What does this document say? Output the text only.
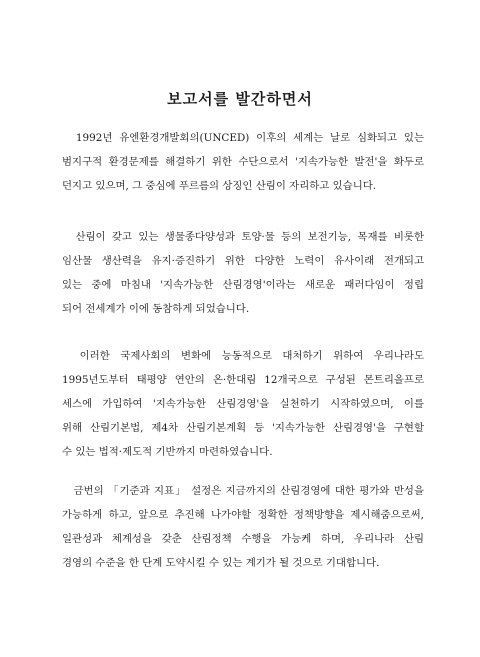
보고서를 발간하면서
　1992년 유엔환경개발회의(UNCED) 이후의 세계는 날로 심화되고 있는
범지구적 환경문제를 해결하기 위한 수단으로서 '지속가능한 발전'을 화두로
던지고 있으며, 그 중심에 푸르름의 상징인 산림이 자리하고 있습니다.
　산림이 갖고 있는 생물종다양성과 토양·물 등의 보전기능, 목재를 비롯한
임산물 생산력을 유지·증진하기 위한 다양한 노력이 유사이래 전개되고
있는 중에 마침내 '지속가능한 산림경영'이라는 새로운 패러다임이 정립
되어 전세계가 이에 동참하게 되었습니다.
　이러한 국제사회의 변화에 능동적으로 대처하기 위하여 우리나라도
1995년도부터 태평양 연안의 온·한대림 12개국으로 구성된 몬트리올프로
세스에 가입하여 '지속가능한 산림경영'을 실천하기 시작하였으며, 이를
위해 산림기본법, 제4차 산림기본계획 등 '지속가능한 산림경영'을 구현할
수 있는 법적·제도적 기반까지 마련하였습니다.
　금번의 「기준과 지표」 설정은 지금까지의 산림경영에 대한 평가와 반성을
가능하게 하고, 앞으로 추진해 나가야할 정확한 정책방향을 제시해줌으로써,
일관성과 체계성을 갖춘 산림정책 수행을 가능케 하며, 우리나라 산림
경영의 수준을 한 단계 도약시킬 수 있는 계기가 될 것으로 기대합니다.
